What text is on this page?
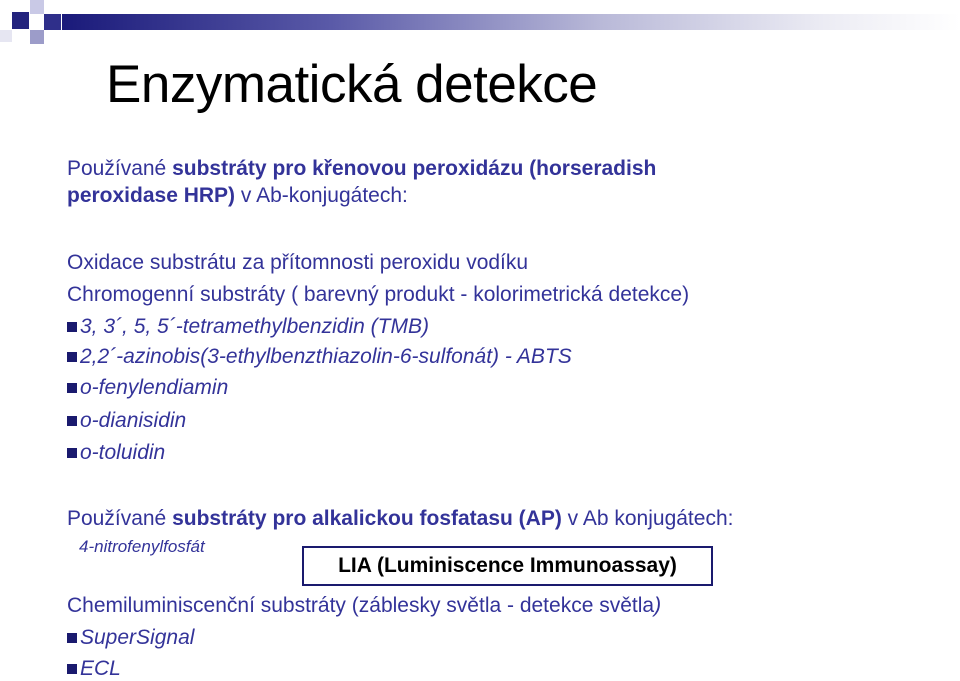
Enzymatická detekce
Používané substráty pro křenovou peroxidázu (horseradish
peroxidase HRP) v Ab-konjugátech:
Oxidace substrátu za přítomnosti peroxidu vodíku
Chromogenní substráty ( barevný produkt - kolorimetrická detekce)
3, 3´, 5, 5´-tetramethylbenzidin (TMB)
2,2´-azinobis(3-ethylbenzthiazolin-6-sulfonát) - ABTS
o-fenylendiamin
o-dianisidin
o-toluidin
Používané substráty pro alkalickou fosfatasu (AP) v Ab konjugátech:
4-nitrofenylfosfát
LIA (Luminiscence Immunoassay)
Chemiluminiscenční substráty (záblesky světla - detekce světla)
SuperSignal
ECL
